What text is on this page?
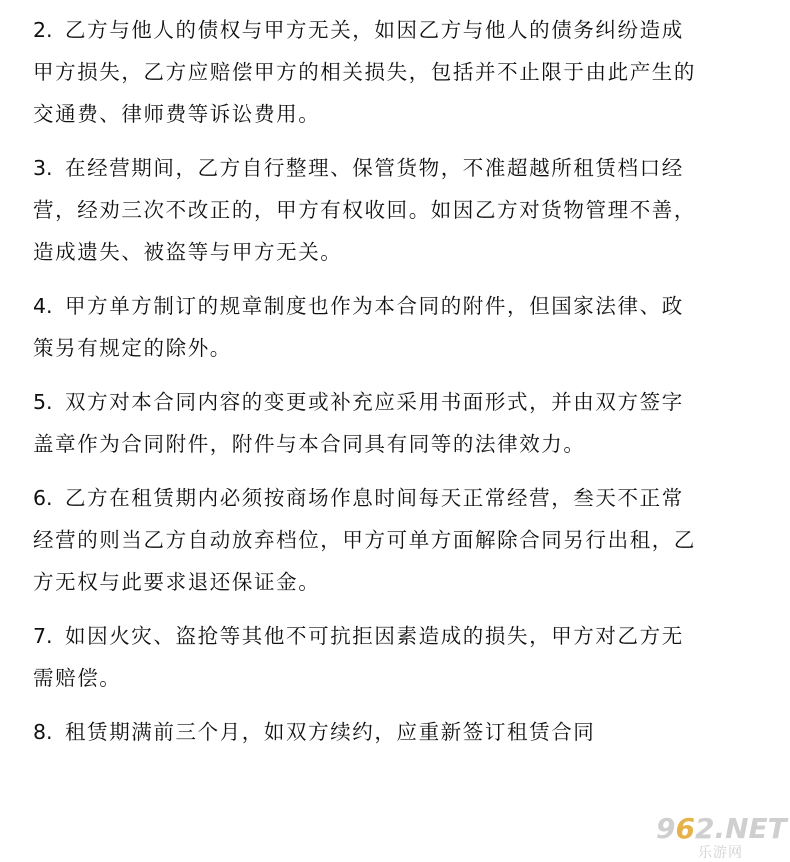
2. 乙方与他人的债权与甲方无关，如因乙方与他人的债务纠纷造成
甲方损失，乙方应赔偿甲方的相关损失，包括并不止限于由此产生的
交通费、律师费等诉讼费用。
3. 在经营期间，乙方自行整理、保管货物，不准超越所租赁档口经
营，经劝三次不改正的，甲方有权收回。如因乙方对货物管理不善，
造成遗失、被盗等与甲方无关。
4. 甲方单方制订的规章制度也作为本合同的附件，但国家法律、政
策另有规定的除外。
5. 双方对本合同内容的变更或补充应采用书面形式，并由双方签字
盖章作为合同附件，附件与本合同具有同等的法律效力。
6. 乙方在租赁期内必须按商场作息时间每天正常经营，叁天不正常
经营的则当乙方自动放弃档位，甲方可单方面解除合同另行出租，乙
方无权与此要求退还保证金。
7. 如因火灾、盗抢等其他不可抗拒因素造成的损失，甲方对乙方无
需赔偿。
8. 租赁期满前三个月，如双方续约，应重新签订租赁合同
962.NET
乐游网
